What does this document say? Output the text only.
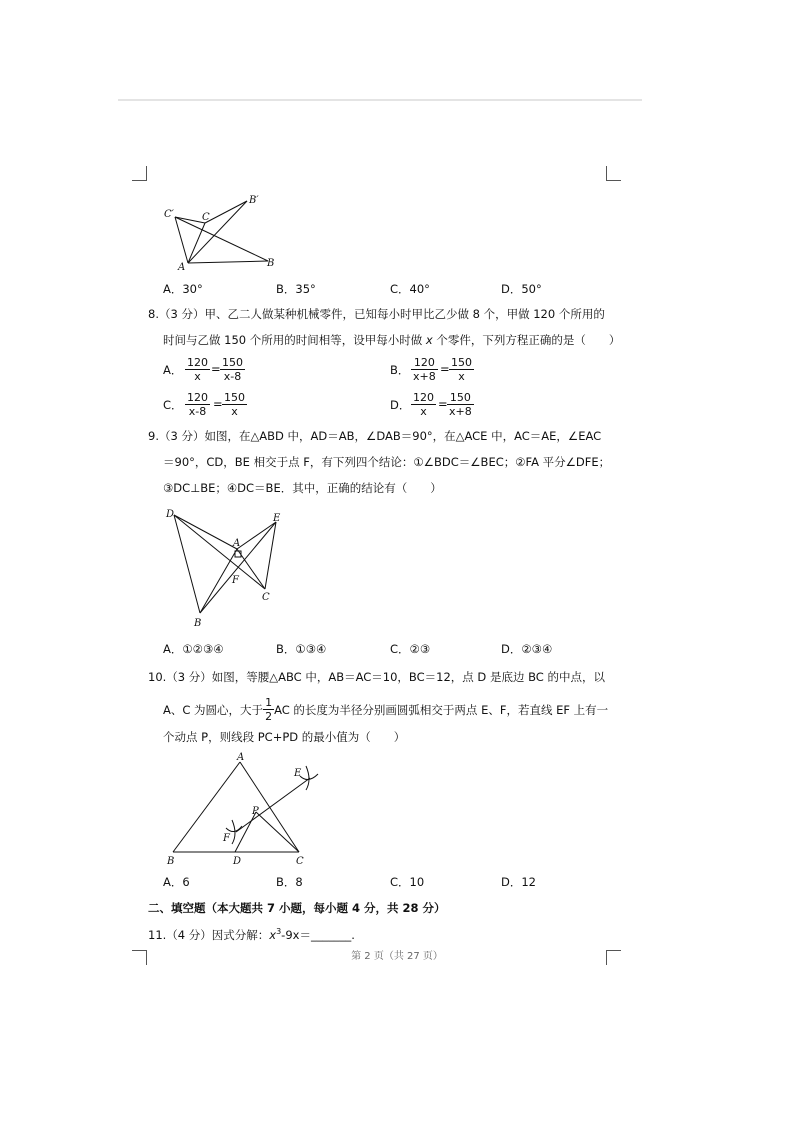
C′	C
B′
A	B
A．30°	B．35°	C．40°	D．50°
8.（3 分）甲、乙二人做某种机械零件，已知每小时甲比乙少做 8 个，甲做 120 个所用的
时间与乙做 150 个所用的时间相等，设甲每小时做 x 个零件，下列方程正确的是（　　）
A． $\frac{120}{x} = \frac{150}{x-8}$	B． $\frac{120}{x+8} = \frac{150}{x}$
C． $\frac{120}{x-8} = \frac{150}{x}$	D． $\frac{120}{x} = \frac{150}{x+8}$
9.（3 分）如图，在△ABD 中，AD＝AB，∠DAB＝90°，在△ACE 中，AC＝AE，∠EAC
＝90°，CD，BE 相交于点 F，有下列四个结论：①∠BDC＝∠BEC；②FA 平分∠DFE；
③DC⊥BE；④DC＝BE．其中，正确的结论有（　　）
D	E
A
F
C
B
A．①②③④	B．①③④	C．②③	D．②③④
10.（3 分）如图，等腰△ABC 中，AB＝AC＝10，BC＝12，点 D 是底边 BC 的中点，以
A、C 为圆心，大于 $\frac{1}{2}$ AC 的长度为半径分别画圆弧相交于两点 E、F，若直线 EF 上有一
个动点 P，则线段 PC+PD 的最小值为（　　）
A
E
P
F
B	D	C
A．6	B．8	C．10	D．12
二、填空题（本大题共 7 小题，每小题 4 分，共 28 分）
11.（4 分）因式分解：$x^3-9x=\_\_\_\_\_\_\_$.
第 2 页（共 27 页）
